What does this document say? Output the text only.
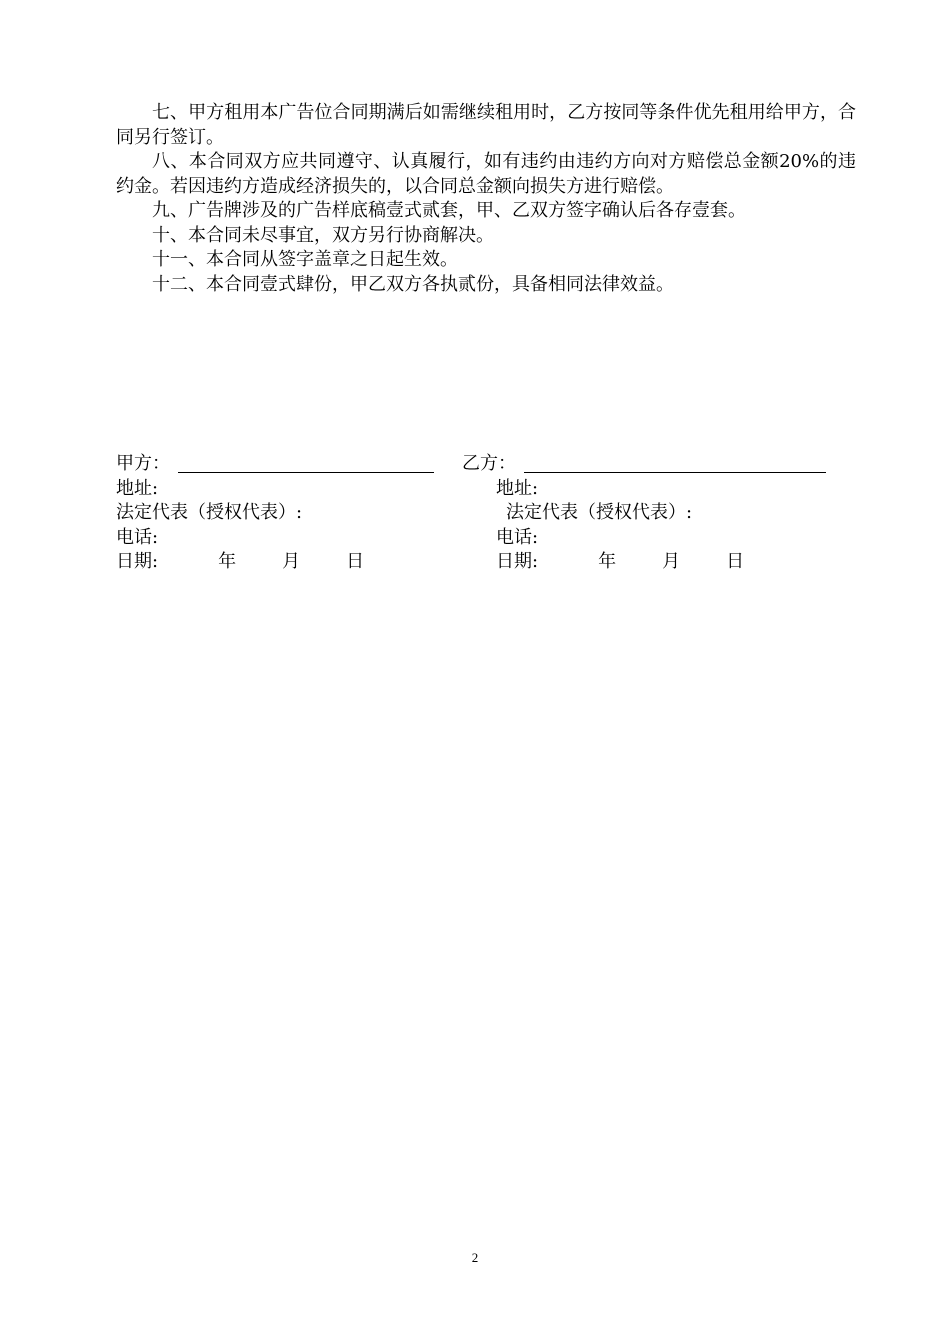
七、甲方租用本广告位合同期满后如需继续租用时，乙方按同等条件优先租用给甲方，合同另行签订。

八、本合同双方应共同遵守、认真履行，如有违约由违约方向对方赔偿总金额20%的违约金。若因违约方造成经济损失的，以合同总金额向损失方进行赔偿。

九、广告牌涉及的广告样底稿壹式贰套，甲、乙双方签字确认后各存壹套。

十、本合同未尽事宜，双方另行协商解决。

十一、本合同从签字盖章之日起生效。

十二、本合同壹式肆份，甲乙双方各执贰份，具备相同法律效益。

甲方：
地址:
法定代表（授权代表）:
电话:
日期:	年	月	日
乙方：
地址:
法定代表（授权代表）:
电话:
日期:	年	月	日
2
